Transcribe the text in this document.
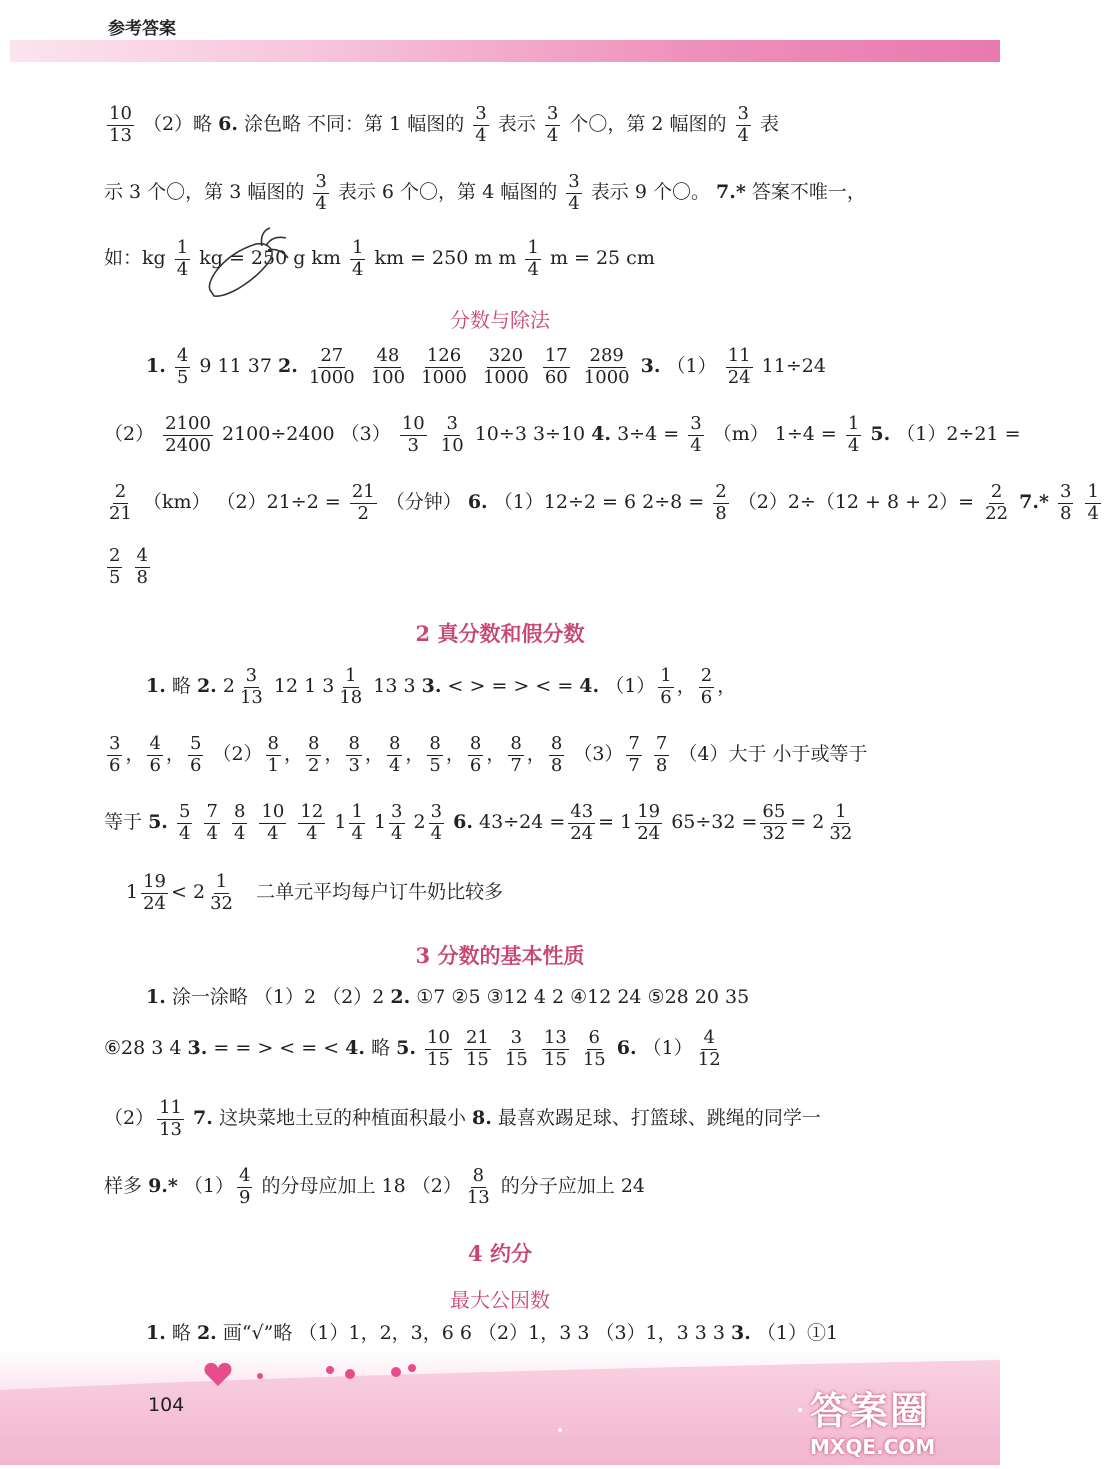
参考答案
$\frac{10}{13} (2)$略 6. 涂色略 不同：第 1 幅图的 $\frac{3}{4}$ 表示 $\frac{3}{4}$ 个〇，第 2 幅图的 $\frac{3}{4}$ 表
示 3 个〇，第 3 幅图的 $\frac{3}{4}$ 表示 6 个〇，第 4 幅图的 $\frac{3}{4}$ 表示 9 个〇。 7.* 答案不唯一，
如：kg $\frac{1}{4}$ kg = 250 g km $\frac{1}{4}$ km = 250 m m $\frac{1}{4}$ m = 25 cm
分数与除法
1. $\frac{4}{5} 9$ 11 37 2. $\frac{27}{1000}$
$\frac{48}{100}$
$\frac{126}{1000}$
$\frac{320}{1000}$
$\frac{17}{60}$
$\frac{289}{1000} 3$. $(1) \frac{11}{24} 11\div 24$
$(2) \frac{2100}{2400} 2100\div 2400$ $(3) \frac{10}{3}$
$\frac{3}{10} 10\div 3$ 3÷10 4. $3\div 4 = \frac{3}{4} (m) 1\div 4 = \frac{1}{4} 5$. （1）2÷21 =
$\frac{2}{21} (km) (2)21\div 2 = \frac{21}{2}$ （分钟） 6. （1）12÷2 = 6 $2\div 8 = \frac{2}{8} (2)2\div(12 + 8 + 2)= \frac{2}{22} 7.* \frac{3}{8}$
$\frac{1}{4}$
$\frac{2}{5}$
$\frac{4}{8}$
2 真分数和假分数
1. 略 2. $2 \frac{3}{13} 12$ 1 $3 \frac{1}{18} 13$ 3 3. < > = > < = 4. $(1) \frac{1}{6}$ ， $\frac{2}{6}$ ，
$\frac{3}{6}$ ， $\frac{4}{6}$ ， $\frac{5}{6} (2) \frac{8}{1}$ ， $\frac{8}{2}$ ， $\frac{8}{3}$ ， $\frac{8}{4}$ ， $\frac{8}{5}$ ， $\frac{8}{6}$ ， $\frac{8}{7}$ ， $\frac{8}{8} (3) \frac{7}{7}$
$\frac{7}{8} (4)$大于 小于或等于
等于 5. $\frac{5}{4}$
$\frac{7}{4}$
$\frac{8}{4}$
$\frac{10}{4}$
$\frac{12}{4} 1 \frac{1}{4} 1 \frac{3}{4} 2 \frac{3}{4} 6$. $43\div 24 = \frac{43}{24} = 1 \frac{19}{24} 65\div 32 = \frac{65}{32} = 2 \frac{1}{32}$
$1 \frac{19}{24} < 2 \frac{1}{32}$ 二单元平均每户订牛奶比较多
3 分数的基本性质
1. 涂一涂略 （1）2 （2）2 2. ①7 ②5 ③12 4 2 ④12 24 ⑤28 20 35
⑥28 3 4 3. = = > < = < 4. 略 5. $\frac{10}{15}$
$\frac{21}{15}$
$\frac{3}{15}$
$\frac{13}{15}$
$\frac{6}{15} 6$. $(1) \frac{4}{12}$
$(2) \frac{11}{13} 7$. 这块菜地土豆的种植面积最小 8. 最喜欢踢足球、打篮球、跳绳的同学一
样多 9.* $(1) \frac{4}{9}$ 的分母应加上 18 $(2) \frac{8}{13}$ 的分子应加上 24
4 约分
最大公因数
1. 略 2. 画“√”略 （1）1，2，3，6 6 （2）1，3 3 （3）1，3 3 3 3. （1）①1
104	答案圈
MXQE.COM
